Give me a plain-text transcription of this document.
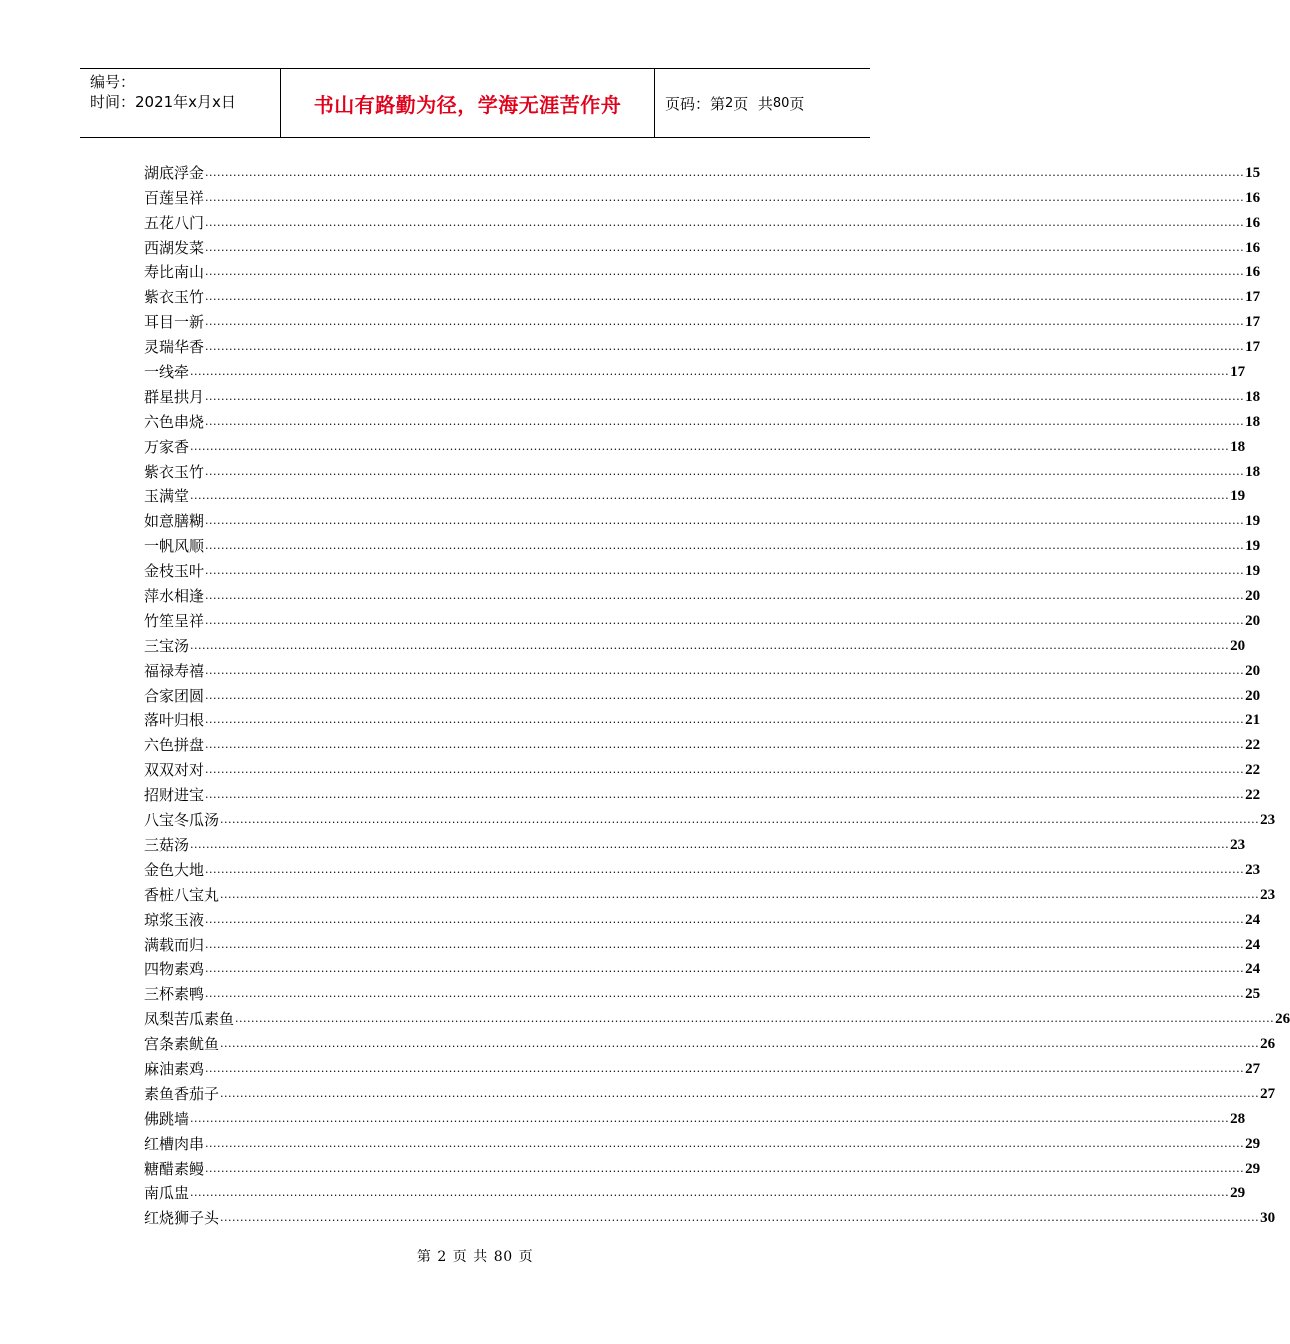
编号：
时间：2021年x月x日	书山有路勤为径，学海无涯苦作舟	页码：第 2 页  共 80 页
湖底浮金 .................................................................................................................................................................................................................................................................... 15
百莲呈祥 .................................................................................................................................................................................................................................................................... 16
五花八门 .................................................................................................................................................................................................................................................................... 16
西湖发菜 .................................................................................................................................................................................................................................................................... 16
寿比南山 .................................................................................................................................................................................................................................................................... 16
紫衣玉竹 .................................................................................................................................................................................................................................................................... 17
耳目一新 .................................................................................................................................................................................................................................................................... 17
灵瑞华香 .................................................................................................................................................................................................................................................................... 17
一线牵 .................................................................................................................................................................................................................................................................... 17
群星拱月 .................................................................................................................................................................................................................................................................... 18
六色串烧 .................................................................................................................................................................................................................................................................... 18
万家香 .................................................................................................................................................................................................................................................................... 18
紫衣玉竹 .................................................................................................................................................................................................................................................................... 18
玉满堂 .................................................................................................................................................................................................................................................................... 19
如意膳糊 .................................................................................................................................................................................................................................................................... 19
一帆风顺 .................................................................................................................................................................................................................................................................... 19
金枝玉叶 .................................................................................................................................................................................................................................................................... 19
萍水相逢 .................................................................................................................................................................................................................................................................... 20
竹笙呈祥 .................................................................................................................................................................................................................................................................... 20
三宝汤 .................................................................................................................................................................................................................................................................... 20
福禄寿禧 .................................................................................................................................................................................................................................................................... 20
合家团圆 .................................................................................................................................................................................................................................................................... 20
落叶归根 .................................................................................................................................................................................................................................................................... 21
六色拼盘 .................................................................................................................................................................................................................................................................... 22
双双对对 .................................................................................................................................................................................................................................................................... 22
招财进宝 .................................................................................................................................................................................................................................................................... 22
八宝冬瓜汤 .................................................................................................................................................................................................................................................................... 23
三菇汤 .................................................................................................................................................................................................................................................................... 23
金色大地 .................................................................................................................................................................................................................................................................... 23
香桩八宝丸 .................................................................................................................................................................................................................................................................... 23
琼浆玉液 .................................................................................................................................................................................................................................................................... 24
满载而归 .................................................................................................................................................................................................................................................................... 24
四物素鸡 .................................................................................................................................................................................................................................................................... 24
三杯素鸭 .................................................................................................................................................................................................................................................................... 25
凤梨苦瓜素鱼 .................................................................................................................................................................................................................................................................... 26
宫条素鱿鱼 .................................................................................................................................................................................................................................................................... 26
麻油素鸡 .................................................................................................................................................................................................................................................................... 27
素鱼香茄子 .................................................................................................................................................................................................................................................................... 27
佛跳墙 .................................................................................................................................................................................................................................................................... 28
红槽肉串 .................................................................................................................................................................................................................................................................... 29
糖醋素鳗 .................................................................................................................................................................................................................................................................... 29
南瓜盅 .................................................................................................................................................................................................................................................................... 29
红烧狮子头 .................................................................................................................................................................................................................................................................... 30
第 2 页 共 80 页
